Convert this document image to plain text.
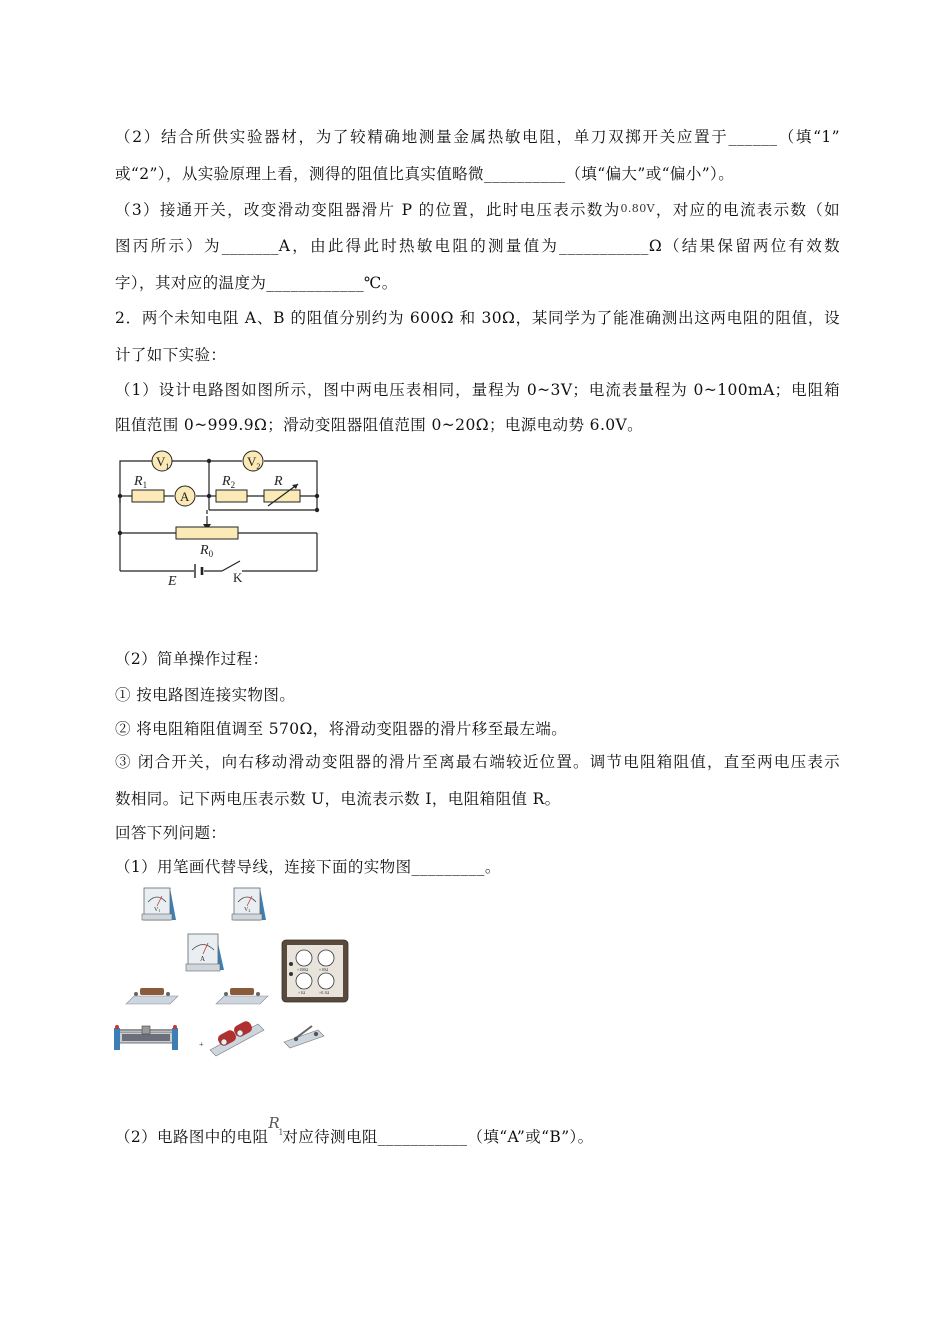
（2）结合所供实验器材，为了较精确地测量金属热敏电阻，单刀双掷开关应置于______（填“1”
或“2”），从实验原理上看，测得的阻值比真实值略微__________（填“偏大”或“偏小”）。
（3）接通开关，改变滑动变阻器滑片 P 的位置，此时电压表示数为0.80V，对应的电流表示数（如
图丙所示）为_______A，由此得此时热敏电阻的测量值为___________Ω（结果保留两位有效数
字），其对应的温度为____________℃。
2．两个未知电阻 A、B 的阻值分别约为 600Ω 和 30Ω，某同学为了能准确测出这两电阻的阻值，设
计了如下实验：
（1）设计电路图如图所示，图中两电压表相同，量程为 0~3V；电流表量程为 0~100mA；电阻箱
阻值范围 0~999.9Ω；滑动变阻器阻值范围 0~20Ω；电源电动势 6.0V。
$V_1$	$V_2$
A
$R_1$	$R_2$	R
$R_0$
E	K
（2）简单操作过程：
① 按电路图连接实物图。
② 将电阻箱阻值调至 570Ω，将滑动变阻器的滑片移至最左端。
③ 闭合开关，向右移动滑动变阻器的滑片至离最右端较近位置。调节电阻箱阻值，直至两电压表示
数相同。记下两电压表示数 U，电流表示数 I，电阻箱阻值 R。
回答下列问题：
（1）用笔画代替导线，连接下面的实物图_________。
V1	V2
A
×100Ω	×10Ω
×1Ω	×0.1Ω
+
（2）电路图中的电阻
R
1
对应待测电阻___________（填“A”或“B”）。
